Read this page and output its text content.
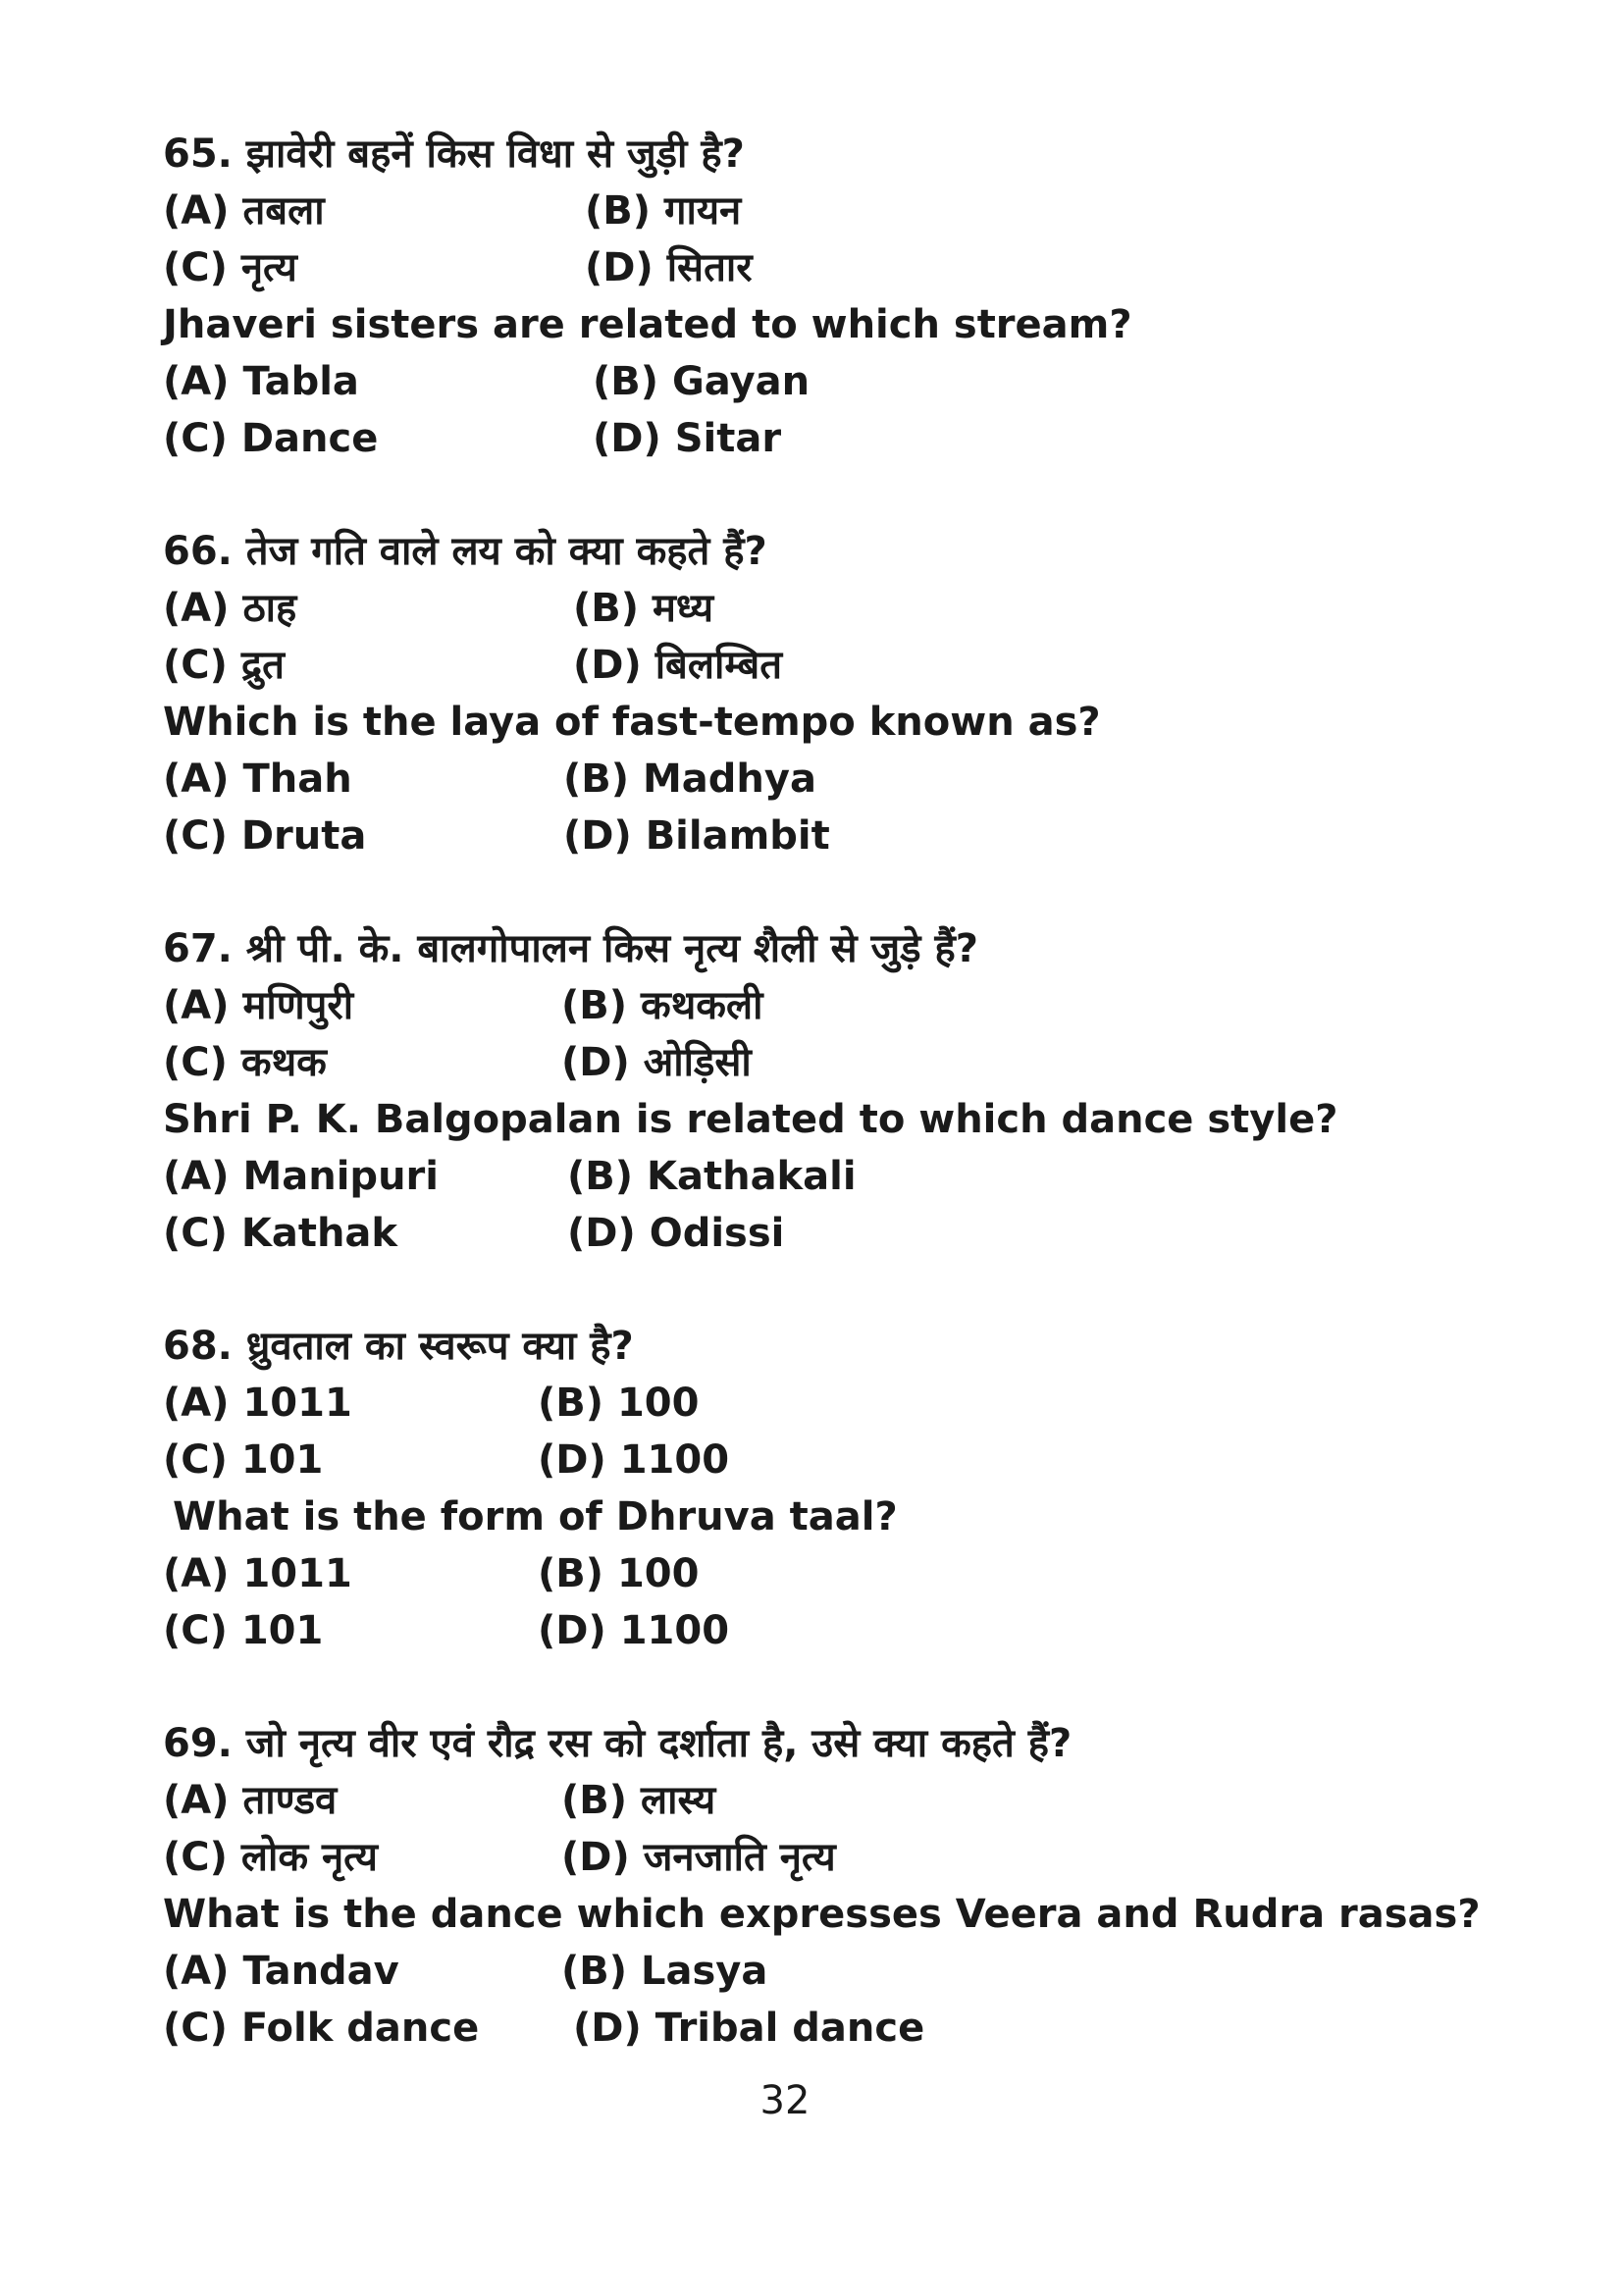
65. झावेरी बहनें किस विधा से जुड़ी है?
(A) तबला	(B) गायन
(C) नृत्य	(D) सितार
Jhaveri sisters are related to which stream?
(A) Tabla	(B) Gayan
(C) Dance	(D) Sitar
66. तेज गति वाले लय को क्या कहते हैं?
(A) ठाह	(B) मध्य
(C) द्रुत	(D) बिलम्बित
Which is the laya of fast-tempo known as?
(A) Thah	(B) Madhya
(C) Druta	(D) Bilambit
67. श्री पी. के. बालगोपालन किस नृत्य शैली से जुड़े हैं?
(A) मणिपुरी	(B) कथकली
(C) कथक	(D) ओड़िसी
Shri P. K. Balgopalan is related to which dance style?
(A) Manipuri	(B) Kathakali
(C) Kathak	(D) Odissi
68. ध्रुवताल का स्वरूप क्या है?
(A) 1011	(B) 100
(C) 101	(D) 1100
What is the form of Dhruva taal?
(A) 1011	(B) 100
(C) 101	(D) 1100
69. जो नृत्य वीर एवं रौद्र रस को दर्शाता है, उसे क्या कहते हैं?
(A) ताण्डव	(B) लास्य
(C) लोक नृत्य	(D) जनजाति नृत्य
What is the dance which expresses Veera and Rudra rasas?
(A) Tandav	(B) Lasya
(C) Folk dance (D) Tribal dance
32
